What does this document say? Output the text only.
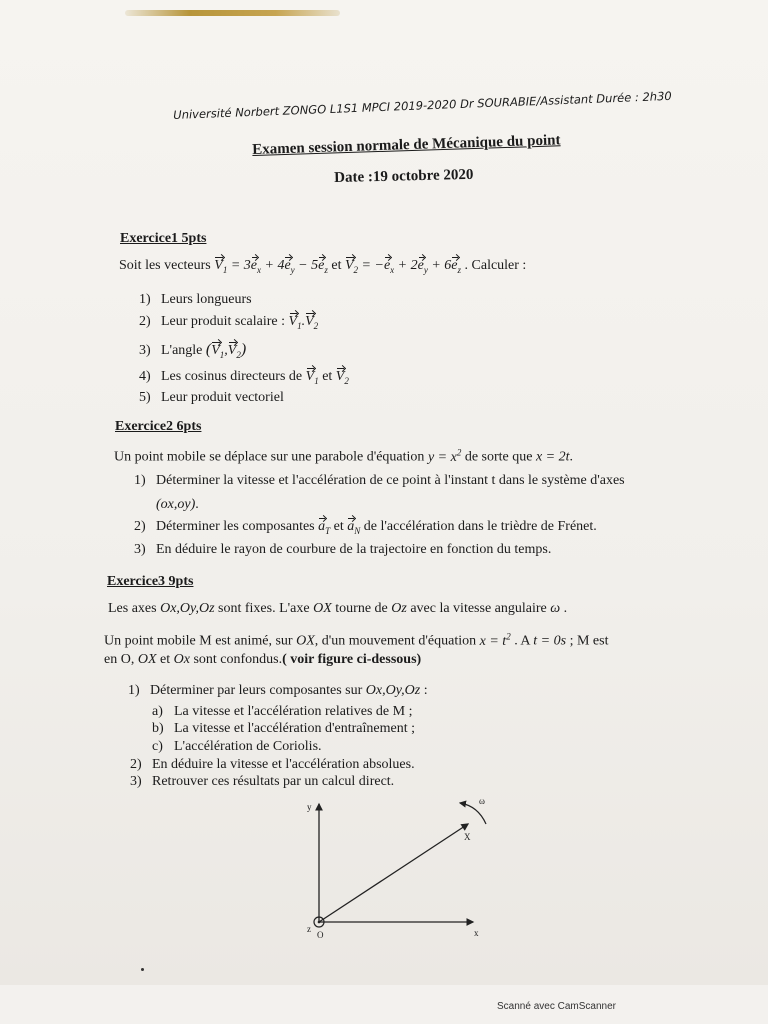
Université Norbert ZONGO L1S1 MPCI 2019-2020 Dr SOURABIE/Assistant Durée : 2h30
Examen session normale de Mécanique du point
Date :19 octobre 2020
Exercice1 5pts
Soit les vecteurs $V_1 = 3e_x + 4e_y - 5e_z$ et $V_2 = -e_x + 2e_y + 6e_z$ . Calculer :
1) Leurs longueurs
2) Leur produit scalaire : $V_1.V_2$
3) L'angle $(V_1,V_2)$
4) Les cosinus directeurs de $V_1$ et $V_2$
5) Leur produit vectoriel
Exercice2 6pts
Un point mobile se déplace sur une parabole d'équation $y = x^2$ de sorte que x = 2t.
1) Déterminer la vitesse et l'accélération de ce point à l'instant t dans le système d'axes
(ox,oy).
2) Déterminer les composantes $a_T$ et $a_N$ de l'accélération dans le trièdre de Frénet.
3) En déduire le rayon de courbure de la trajectoire en fonction du temps.
Exercice3 9pts
Les axes Ox,Oy,Oz sont fixes. L'axe OX tourne de Oz avec la vitesse angulaire ω .
Un point mobile M est animé, sur OX, d'un mouvement d'équation $x = t^2$ . A t = 0s ; M est
en O, OX et Ox sont confondus.( voir figure ci-dessous)
1) Déterminer par leurs composantes sur Ox,Oy,Oz :
a) La vitesse et l'accélération relatives de M ;
b) La vitesse et l'accélération d'entraînement ;
c) L'accélération de Coriolis.
2) En déduire la vitesse et l'accélération absolues.
3) Retrouver ces résultats par un calcul direct.
y
X
ω
z
O	x
Scanné avec CamScanner
